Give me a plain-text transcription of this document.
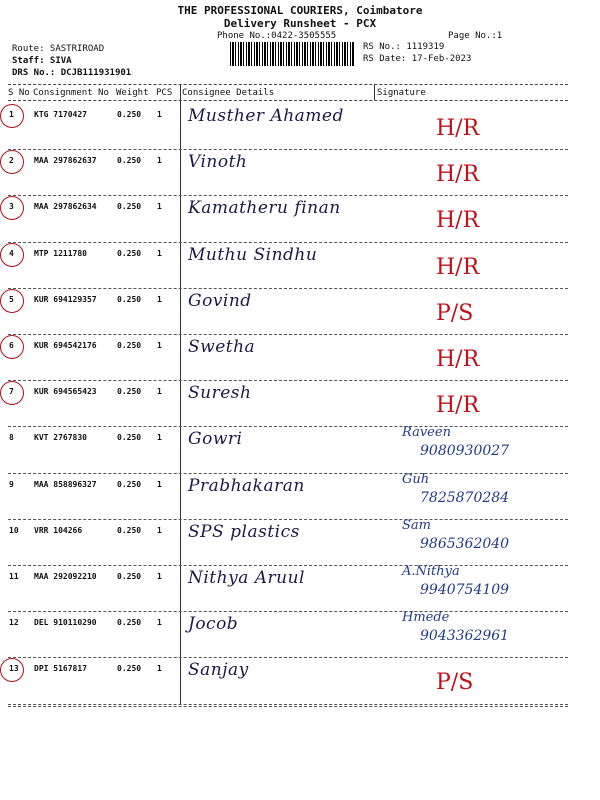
THE PROFESSIONAL COURIERS, Coimbatore
Delivery Runsheet - PCX
Phone No.:0422-3505555	Page No.:1
Route: SASTRIROAD
Staff: SIVA
DRS No.: DCJB111931901
RS No.: 1119319
RS Date: 17-Feb-2023
S No Consignment No Weight PCS Consignee Details	Signature
1	KTG 7170427	0.250 1 Musther Ahamed	H/R
2	MAA 297862637	0.250 1 Vinoth	H/R
3	MAA 297862634	0.250 1 Kamatheru finan	H/R
4	MTP 1211780	0.250 1 Muthu Sindhu	H/R
5	KUR 694129357	0.250 1 Govind	P/S
6	KUR 694542176	0.250 1 Swetha	H/R
7	KUR 694565423	0.250 1 Suresh	H/R
8	KVT 2767830	0.250 1 Gowri	Raveen
9080930027
9	MAA 858896327	0.250 1 Prabhakaran	Guh
7825870284
10 VRR 104266	0.250 1 SPS plastics	Sam
9865362040
11 MAA 292092210	0.250 1 Nithya Aruul	A.Nithya
9940754109
12 DEL 910110290	0.250 1 Jocob	Hmede
9043362961
13 DPI 5167817	0.250 1 Sanjay	P/S
